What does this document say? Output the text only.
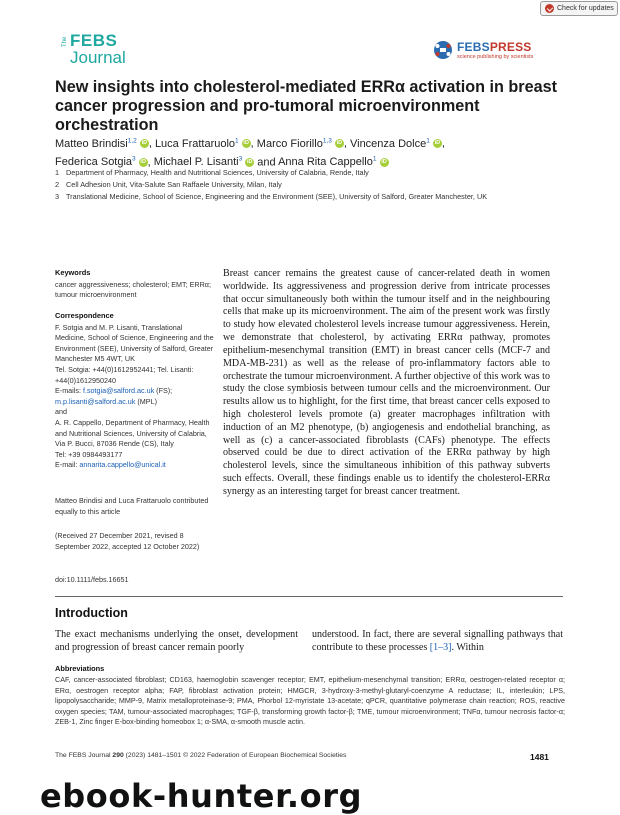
Check for updates
The FEBS
Journal
FEBSPRESS
science publishing by scientists
New insights into cholesterol-mediated ERRα activation in breast cancer progression and pro-tumoral microenvironment orchestration
Matteo Brindisi$^{1,2}$ iD , Luca Frattaruolo$^1$ iD , Marco Fiorillo$^{1,3}$ iD , Vincenza Dolce$^1$ iD ,
Federica Sotgia$^3$ iD , Michael P. Lisanti$^3$ iD and Anna Rita Cappello$^1$ iD
1 Department of Pharmacy, Health and Nutritional Sciences, University of Calabria, Rende, Italy
2 Cell Adhesion Unit, Vita-Salute San Raffaele University, Milan, Italy
3 Translational Medicine, School of Science, Engineering and the Environment (SEE), University of Salford, Greater Manchester, UK
Keywords

cancer aggressiveness; cholesterol; EMT; ERRα; tumour microenvironment

Correspondence

F. Sotgia and M. P. Lisanti, Translational Medicine, School of Science, Engineering and the Environment (SEE), University of Salford, Greater Manchester M5 4WT, UK

Tel. Sotgia: +44(0)1612952441; Tel. Lisanti: +44(0)1612950240

E-mails: f.sotgia@salford.ac.uk (FS);
m.p.lisanti@salford.ac.uk (MPL)

and

A. R. Cappello, Department of Pharmacy, Health and Nutritional Sciences, University of Calabria, Via P. Bucci, 87036 Rende (CS), Italy

Tel: +39 0984493177

E-mail: annarita.cappello@unical.it

Matteo Brindisi and Luca Frattaruolo contributed equally to this article
(Received 27 December 2021, revised 8 September 2022, accepted 12 October 2022)
doi:10.1111/febs.16651
Breast cancer remains the greatest cause of cancer-related death in women worldwide. Its aggressiveness and progression derive from intricate processes that occur simultaneously both within the tumour itself and in the neighbouring cells that make up its microenvironment. The aim of the present work was firstly to study how elevated cholesterol levels increase tumour aggressiveness. Herein, we demonstrate that cholesterol, by activating ERRα pathway, promotes epithelium-mesenchymal transition (EMT) in breast cancer cells (MCF-7 and MDA-MB-231) as well as the release of pro-inflammatory factors able to orchestrate the tumour microenvironment. A further objective of this work was to study the close symbiosis between tumour cells and the microenvironment. Our results allow us to highlight, for the first time, that breast cancer cells exposed to high cholesterol levels promote (a) greater macrophages infiltration with induction of an M2 phenotype, (b) angiogenesis and endothelial branching, as well as (c) a cancer-associated fibroblasts (CAFs) phenotype. The effects observed could be due to direct activation of the ERRα pathway by high cholesterol levels, since the simultaneous inhibition of this pathway subverts such effects. Overall, these findings enable us to identify the cholesterol-ERRα synergy as an interesting target for breast cancer treatment.
Introduction
The exact mechanisms underlying the onset, development and progression of breast cancer remain poorly
understood. In fact, there are several signalling pathways that contribute to these processes [1–3]. Within
Abbreviations

CAF, cancer-associated fibroblast; CD163, haemoglobin scavenger receptor; EMT, epithelium-mesenchymal transition; ERRα, oestrogen-related receptor α; ERα, oestrogen receptor alpha; FAP, fibroblast activation protein; HMGCR, 3-hydroxy-3-methyl-glutaryl-coenzyme A reductase; IL, interleukin; LPS, lipopolysaccharide; MMP-9, Matrix metalloproteinase-9; PMA, Phorbol 12-myristate 13-acetate; qPCR, quantitative polymerase chain reaction; ROS, reactive oxygen species; TAM, tumour-associated macrophages; TGF-β, transforming growth factor-β; TME, tumour microenvironment; TNFα, tumour necrosis factor-α; ZEB-1, Zinc finger E-box-binding homeobox 1; α-SMA, α-smooth muscle actin.

The FEBS Journal 290 (2023) 1481–1501 © 2022 Federation of European Biochemical Societies	1481
ebook-hunter.org
